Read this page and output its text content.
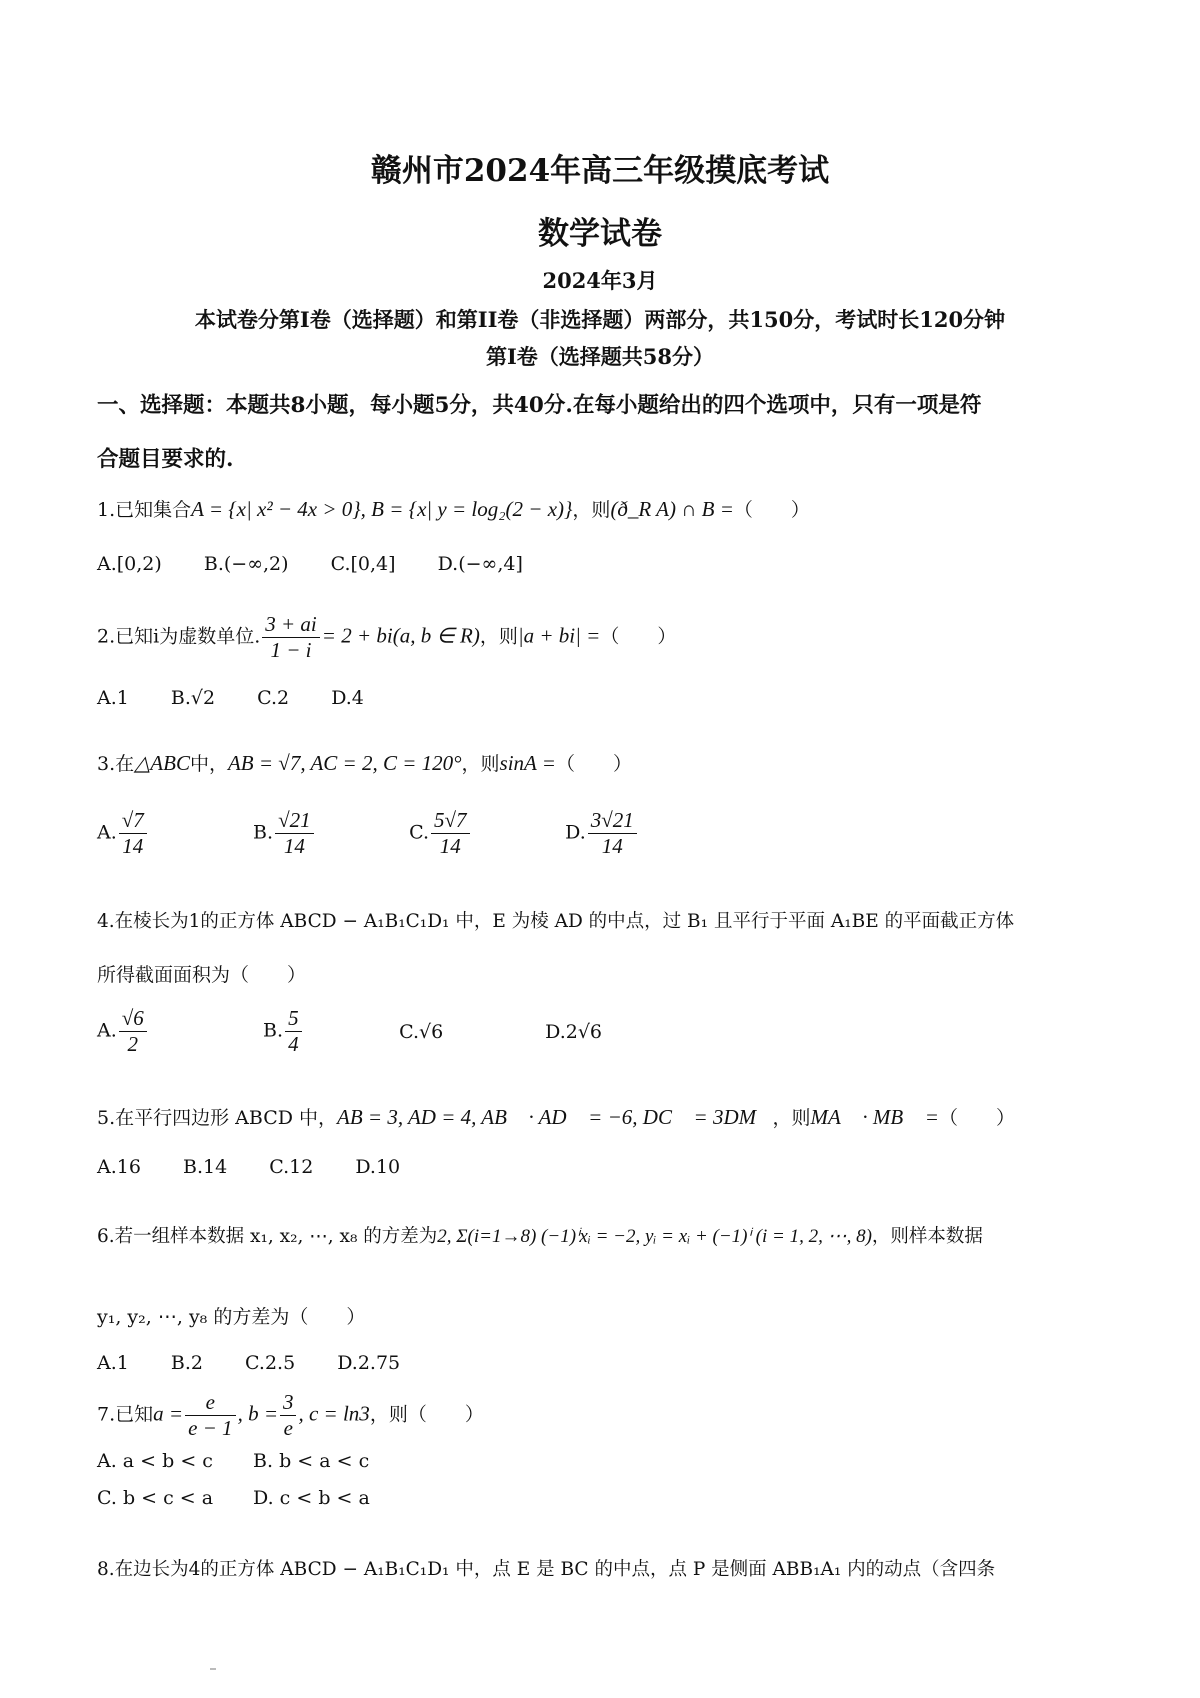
赣州市2024年高三年级摸底考试
数学试卷
2024年3月
本试卷分第I卷（选择题）和第II卷（非选择题）两部分，共150分，考试时长120分钟
第I卷（选择题共58分）
一、选择题：本题共8小题，每小题5分，共40分.在每小题给出的四个选项中，只有一项是符
合题目要求的.
1.已知集合A = {x| x² − 4x > 0}, B = {x| y = log₂(2 − x)}，则(ð_R A) ∩ B =（　　）
A.[0,2) B.(−∞,2) C.[0,4] D.(−∞,4]
2.已知i为虚数单位. $\frac{3 + ai}{1 - i} = 2 + bi(a$, b ∈ R)，则|a + bi| =（　　）
A.1 B.√2 C.2 D.4
3.在△ABC中，AB = √7, AC = 2, C = 120°，则sinA =（　　）
A. $\frac{√7}{14}$	B. $\frac{√21}{14}$	C. $\frac{5√7}{14}$	D. $\frac{3√21}{14}$
4.在棱长为1的正方体 ABCD − A₁B₁C₁D₁ 中，E 为棱 AD 的中点，过 B₁ 且平行于平面 A₁BE 的平面截正方体
所得截面面积为（　　）
A. $\frac{√6}{2}$	B. $\frac{5}{4}$	C.√6	D.2√6
5.在平行四边形 ABCD 中，AB = 3, AD = 4, AB⃗ · AD⃗ = −6, DC⃗ = 3DM⃗，则MA⃗ · MB⃗ =（　　）
A.16 B.14 C.12 D.10
6.若一组样本数据 x₁, x₂, ⋯, x₈ 的方差为2, Σ(i=1→8) (−1)ⁱxᵢ = −2, yᵢ = xᵢ + (−1)ⁱ (i = 1, 2, ⋯, 8)，则样本数据
y₁, y₂, ⋯, y₈ 的方差为（　　）
A.1 B.2 C.2.5 D.2.75
7.已知$a = \frac{e}{e - 1}$ , $b = \frac{3}{e}$ , c = ln3，则（　　）
A. a < b < c B. b < a < c
C. b < c < a D. c < b < a
8.在边长为4的正方体 ABCD − A₁B₁C₁D₁ 中，点 E 是 BC 的中点，点 P 是侧面 ABB₁A₁ 内的动点（含四条
